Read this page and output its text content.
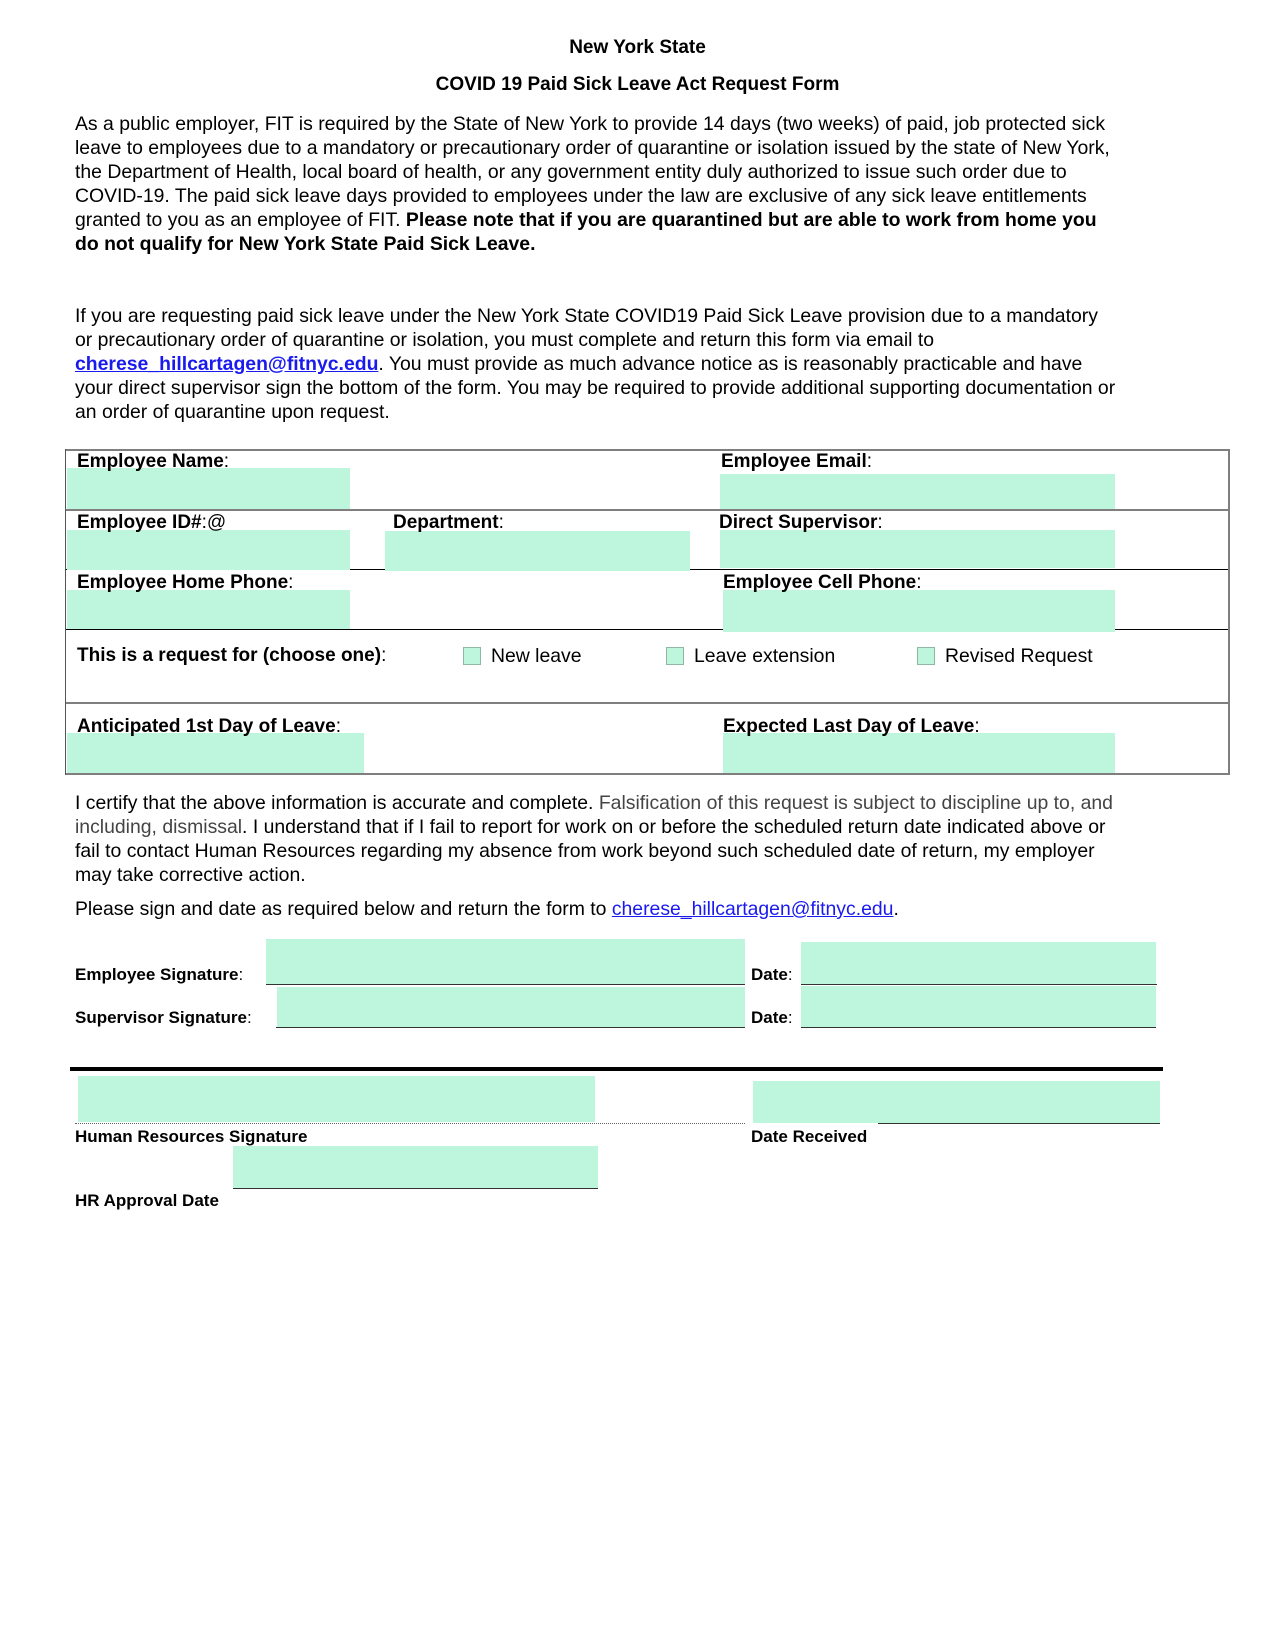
New York State
COVID 19 Paid Sick Leave Act Request Form
As a public employer, FIT is required by the State of New York to provide 14 days (two weeks) of paid, job protected sick
leave to employees due to a mandatory or precautionary order of quarantine or isolation issued by the state of New York,
the Department of Health, local board of health, or any government entity duly authorized to issue such order due to
COVID-19. The paid sick leave days provided to employees under the law are exclusive of any sick leave entitlements
granted to you as an employee of FIT. Please note that if you are quarantined but are able to work from home you
do not qualify for New York State Paid Sick Leave.
If you are requesting paid sick leave under the New York State COVID19 Paid Sick Leave provision due to a mandatory
or precautionary order of quarantine or isolation, you must complete and return this form via email to
cherese_hillcartagen@fitnyc.edu. You must provide as much advance notice as is reasonably practicable and have
your direct supervisor sign the bottom of the form. You may be required to provide additional supporting documentation or
an order of quarantine upon request.
Employee Name:	Employee Email:
Employee ID#:@	Department:	Direct Supervisor:
Employee Home Phone:	Employee Cell Phone:
This is a request for (choose one):	New leave	Leave extension	Revised Request
Anticipated 1st Day of Leave:	Expected Last Day of Leave:
I certify that the above information is accurate and complete. Falsification of this request is subject to discipline up to, and
including, dismissal. I understand that if I fail to report for work on or before the scheduled return date indicated above or
fail to contact Human Resources regarding my absence from work beyond such scheduled date of return, my employer
may take corrective action.
Please sign and date as required below and return the form to cherese_hillcartagen@fitnyc.edu.
Employee Signature:	Date:
Supervisor Signature:	Date:
Human Resources Signature	Date Received
HR Approval Date
